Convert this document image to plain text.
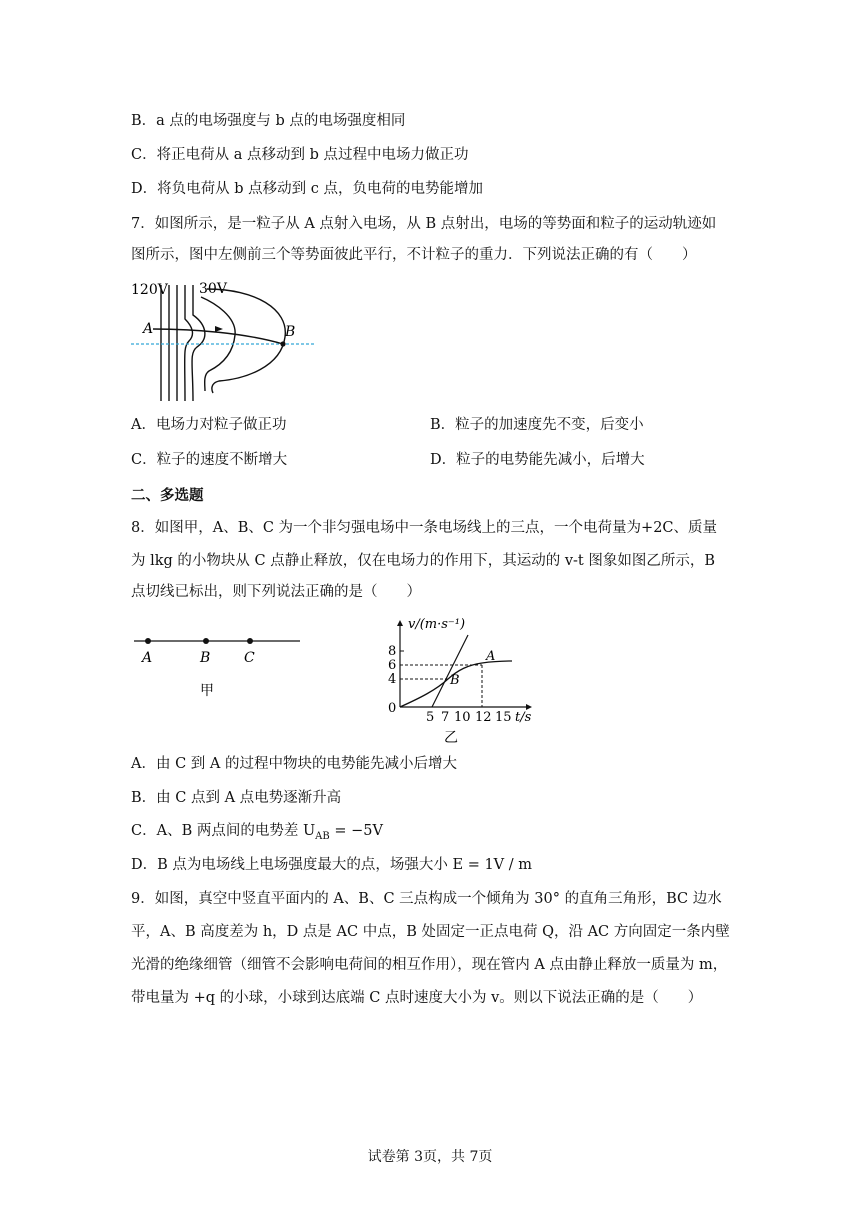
B．a 点的电场强度与 b 点的电场强度相同
C．将正电荷从 a 点移动到 b 点过程中电场力做正功
D．将负电荷从 b 点移动到 c 点，负电荷的电势能增加
7．如图所示，是一粒子从 A 点射入电场，从 B 点射出，电场的等势面和粒子的运动轨迹如
图所示，图中左侧前三个等势面彼此平行，不计粒子的重力．下列说法正确的有（　　）
120V 30V
A	B
A．电场力对粒子做正功	B．粒子的加速度先不变，后变小
C．粒子的速度不断增大	D．粒子的电势能先减小，后增大
二、多选题
8．如图甲，A、B、C 为一个非匀强电场中一条电场线上的三点，一个电荷量为+2C、质量
为 lkg 的小物块从 C 点静止释放，仅在电场力的作用下，其运动的 v-t 图象如图乙所示，B
点切线已标出，则下列说法正确的是（　　）
A	B C
甲
v/(m·s⁻¹)
t/s
8
6
4
0
B
A
5 7 10 12 15
乙
A．由 C 到 A 的过程中物块的电势能先减小后增大
B．由 C 点到 A 点电势逐渐升高
C．A、B 两点间的电势差 $U_{AB} = -5V$
D．B 点为电场线上电场强度最大的点，场强大小 E = 1V / m
9．如图，真空中竖直平面内的 A、B、C 三点构成一个倾角为 30° 的直角三角形，BC 边水
平，A、B 高度差为 h，D 点是 AC 中点，B 处固定一正点电荷 Q，沿 AC 方向固定一条内壁
光滑的绝缘细管（细管不会影响电荷间的相互作用），现在管内 A 点由静止释放一质量为 m，
带电量为 +q 的小球，小球到达底端 C 点时速度大小为 v。则以下说法正确的是（　　）
试卷第 3页，共 7页
